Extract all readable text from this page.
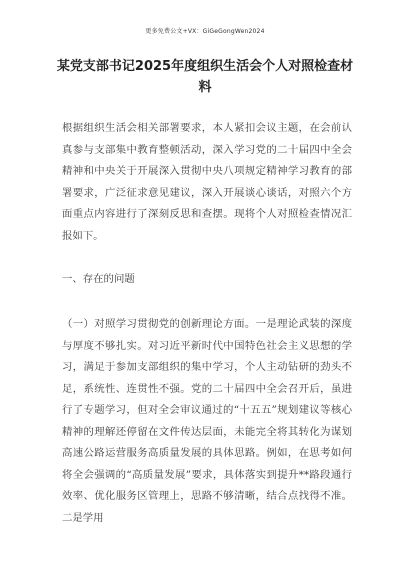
更多免费公文+VX：GiGeGongWen2024
某党支部书记2025年度组织生活会个人对照检查材料

根据组织生活会相关部署要求，本人紧扣会议主题，在会前认真参与支部集中教育整顿活动，深入学习党的二十届四中全会精神和中央关于开展深入贯彻中央八项规定精神学习教育的部署要求，广泛征求意见建议，深入开展谈心谈话，对照六个方面重点内容进行了深刻反思和查摆。现将个人对照检查情况汇报如下。

一、存在的问题

（一）对照学习贯彻党的创新理论方面。一是理论武装的深度与厚度不够扎实。对习近平新时代中国特色社会主义思想的学习，满足于参加支部组织的集中学习，个人主动钻研的劲头不足，系统性、连贯性不强。党的二十届四中全会召开后，虽进行了专题学习，但对全会审议通过的“十五五”规划建议等核心精神的理解还停留在文件传达层面，未能完全将其转化为谋划高速公路运营服务高质量发展的具体思路。例如，在思考如何将全会强调的“高质量发展”要求，具体落实到提升**路段通行效率、优化服务区管理上，思路不够清晰，结合点找得不准。二是学用
